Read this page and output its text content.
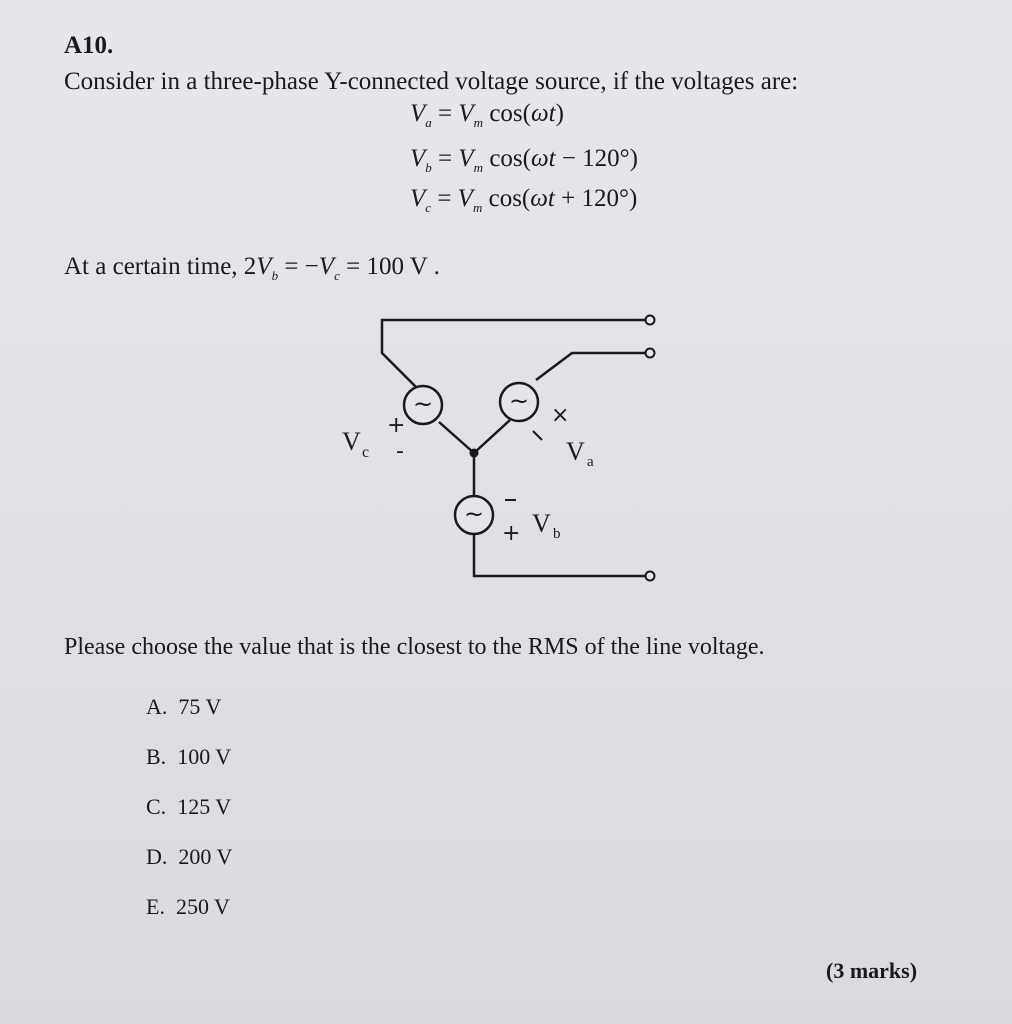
A10.
Consider in a three-phase Y-connected voltage source, if the voltages are:
$V_a = V_m$ cos(ωt)
$V_b = V_m$ cos(ωt − 120°)
$V_c = V_m$ cos(ωt + 120°)
At a certain time, $2V_b = -V_c = 100$ V .
~	~
~
V c
+
-
×
V a
+ V b
Please choose the value that is the closest to the RMS of the line voltage.
A. 75 V
B. 100 V
C. 125 V
D. 200 V
E. 250 V
(3 marks)
